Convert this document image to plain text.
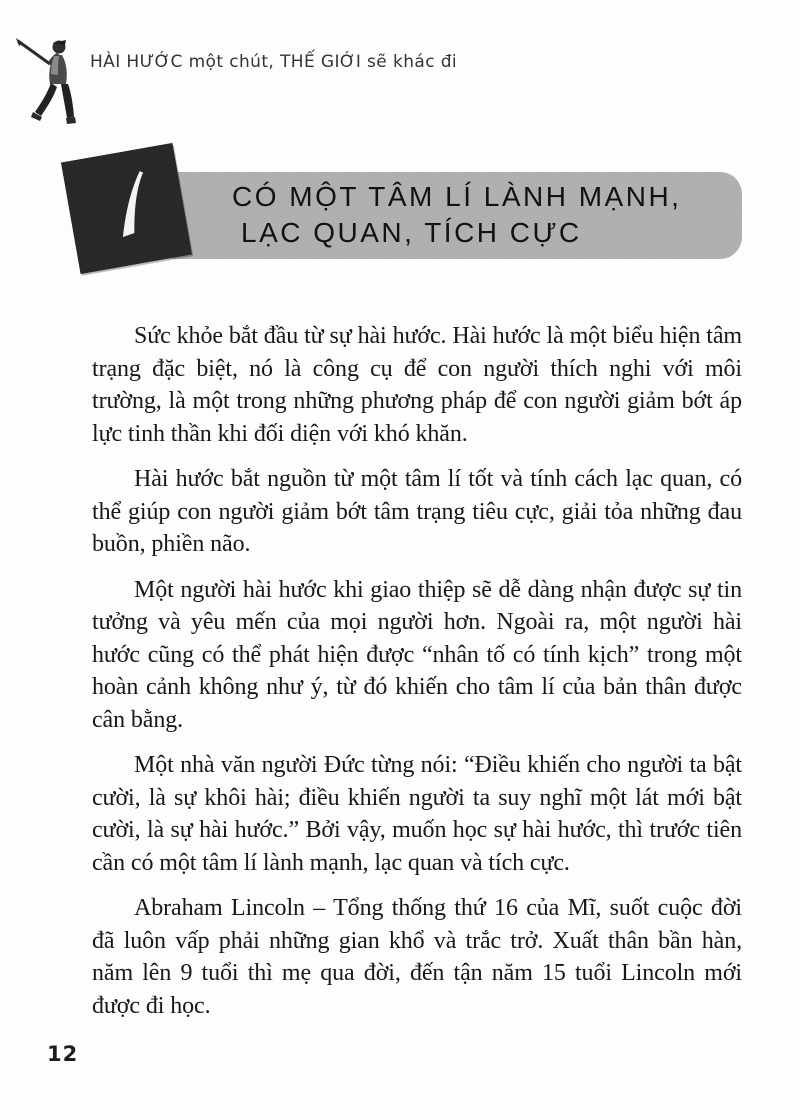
HÀI HƯỚC một chút, THẾ GIỚI sẽ khác đi
CÓ MỘT TÂM LÍ LÀNH MẠNH,
LẠC QUAN, TÍCH CỰC

Sức khỏe bắt đầu từ sự hài hước. Hài hước là một biểu hiện tâm trạng đặc biệt, nó là công cụ để con người thích nghi với môi trường, là một trong những phương pháp để con người giảm bớt áp lực tinh thần khi đối diện với khó khăn.

Hài hước bắt nguồn từ một tâm lí tốt và tính cách lạc quan, có thể giúp con người giảm bớt tâm trạng tiêu cực, giải tỏa những đau buồn, phiền não.

Một người hài hước khi giao thiệp sẽ dễ dàng nhận được sự tin tưởng và yêu mến của mọi người hơn. Ngoài ra, một người hài hước cũng có thể phát hiện được “nhân tố có tính kịch” trong một hoàn cảnh không như ý, từ đó khiến cho tâm lí của bản thân được cân bằng.

Một nhà văn người Đức từng nói: “Điều khiến cho người ta bật cười, là sự khôi hài; điều khiến người ta suy nghĩ một lát mới bật cười, là sự hài hước.” Bởi vậy, muốn học sự hài hước, thì trước tiên cần có một tâm lí lành mạnh, lạc quan và tích cực.

Abraham Lincoln – Tổng thống thứ 16 của Mĩ, suốt cuộc đời đã luôn vấp phải những gian khổ và trắc trở. Xuất thân bần hàn, năm lên 9 tuổi thì mẹ qua đời, đến tận năm 15 tuổi Lincoln mới được đi học.

12
